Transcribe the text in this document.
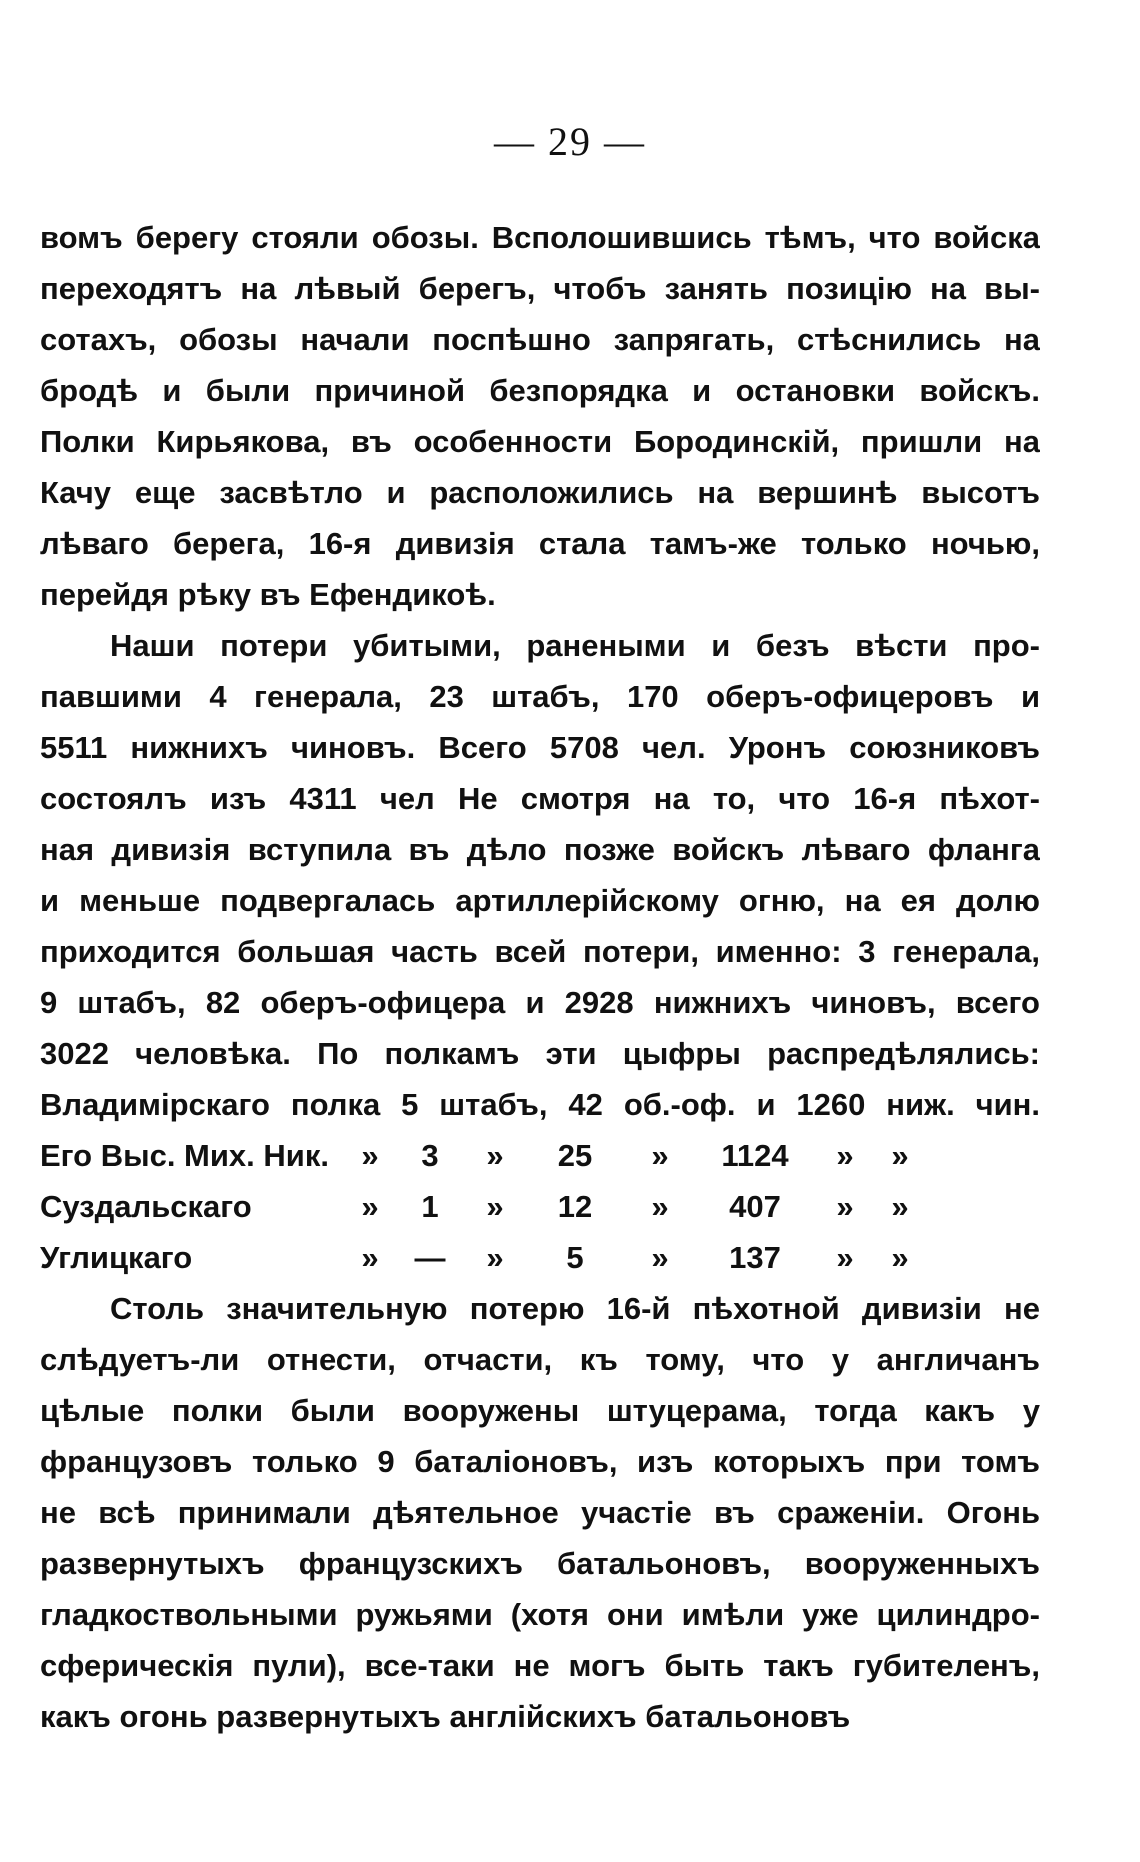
— 29 —
вомъ берегу стояли обозы. Всполошившись тѣмъ, что войска
переходятъ на лѣвый берегъ, чтобъ занять позицію на вы-
сотахъ, обозы начали поспѣшно запрягать, стѣснились на
бродѣ и были причиной безпорядка и остановки войскъ.
Полки Кирьякова, въ особенности Бородинскій, пришли на
Качу еще засвѣтло и расположились на вершинѣ высотъ
лѣваго берега, 16-я дивизія стала тамъ-же только ночью,
перейдя рѣку въ Ефендикоѣ.
Наши потери убитыми, ранеными и безъ вѣсти про-
павшими 4 генерала, 23 штабъ, 170 оберъ-офицеровъ и
5511 нижнихъ чиновъ. Всего 5708 чел. Уронъ союзниковъ
состоялъ изъ 4311 чел Не смотря на то, что 16-я пѣхот-
ная дивизія вступила въ дѣло позже войскъ лѣваго фланга
и меньше подвергалась артиллерійскому огню, на ея долю
приходится большая часть всей потери, именно: 3 генерала,
9 штабъ, 82 оберъ-офицера и 2928 нижнихъ чиновъ, всего
3022 человѣка. По полкамъ эти цыфры распредѣлялись:
Владимірскаго полка 5 штабъ, 42 об.-оф. и 1260 ниж. чин.
Его Выс. Мих. Ник.	»	3	»	25	»	1124	»	»
Суздальскаго	»	1	»	12	»	407	»	»
Углицкаго	»	—	»	5	»	137	»	»
Столь значительную потерю 16-й пѣхотной дивизіи не
слѣдуетъ-ли отнести, отчасти, къ тому, что у англичанъ
цѣлые полки были вооружены штуцерама, тогда какъ у
французовъ только 9 баталіоновъ, изъ которыхъ при томъ
не всѣ принимали дѣятельное участіе въ сраженіи. Огонь
развернутыхъ французскихъ батальоновъ, вооруженныхъ
гладкоствольными ружьями (хотя они имѣли уже цилиндро-
сферическія пули), все-таки не могъ быть такъ губителенъ,
какъ огонь развернутыхъ англійскихъ батальоновъ
